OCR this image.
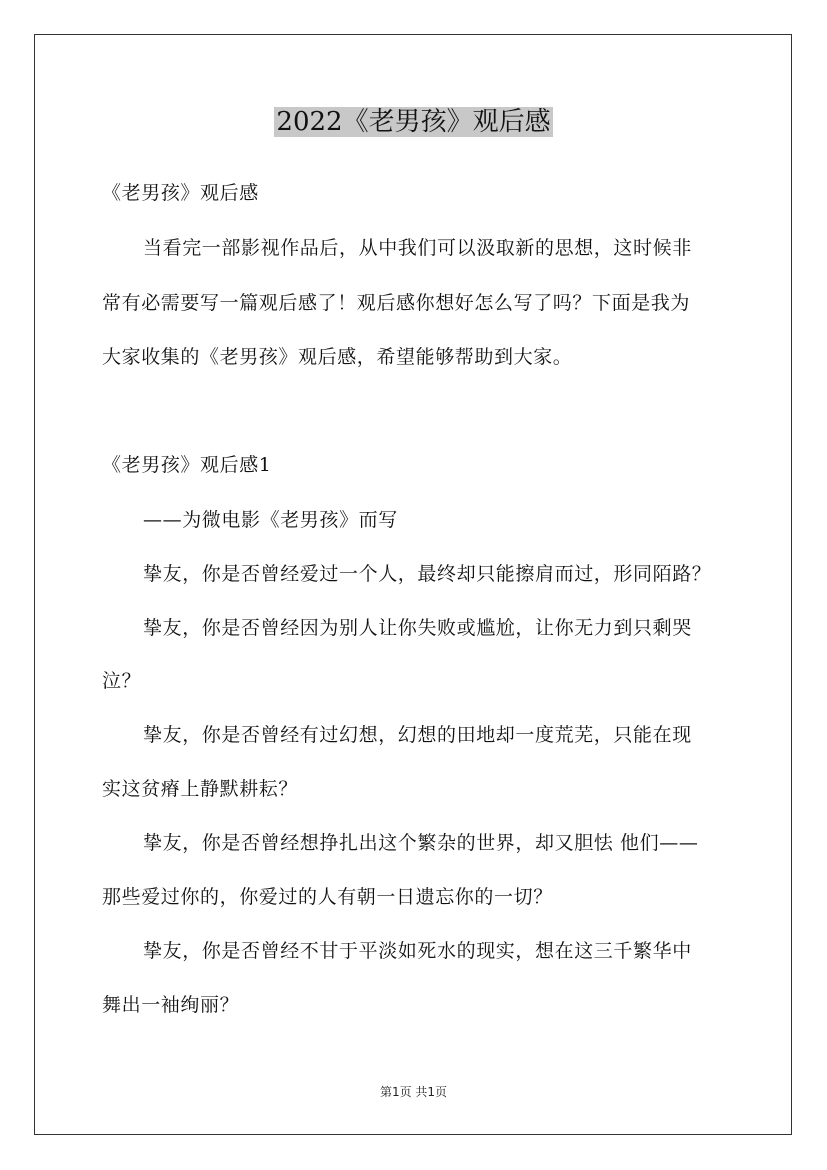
2022《老男孩》观后感
《老男孩》观后感
当看完一部影视作品后，从中我们可以汲取新的思想，这时候非
常有必需要写一篇观后感了！观后感你想好怎么写了吗？下面是我为
大家收集的《老男孩》观后感，希望能够帮助到大家。
《老男孩》观后感1
——为微电影《老男孩》而写
挚友，你是否曾经爱过一个人，最终却只能擦肩而过，形同陌路？
挚友，你是否曾经因为别人让你失败或尴尬，让你无力到只剩哭
泣？
挚友，你是否曾经有过幻想，幻想的田地却一度荒芜，只能在现
实这贫瘠上静默耕耘？
挚友，你是否曾经想挣扎出这个繁杂的世界，却又胆怯 他们——
那些爱过你的，你爱过的人有朝一日遗忘你的一切？
挚友，你是否曾经不甘于平淡如死水的现实，想在这三千繁华中
舞出一袖绚丽？
第1页 共1页
